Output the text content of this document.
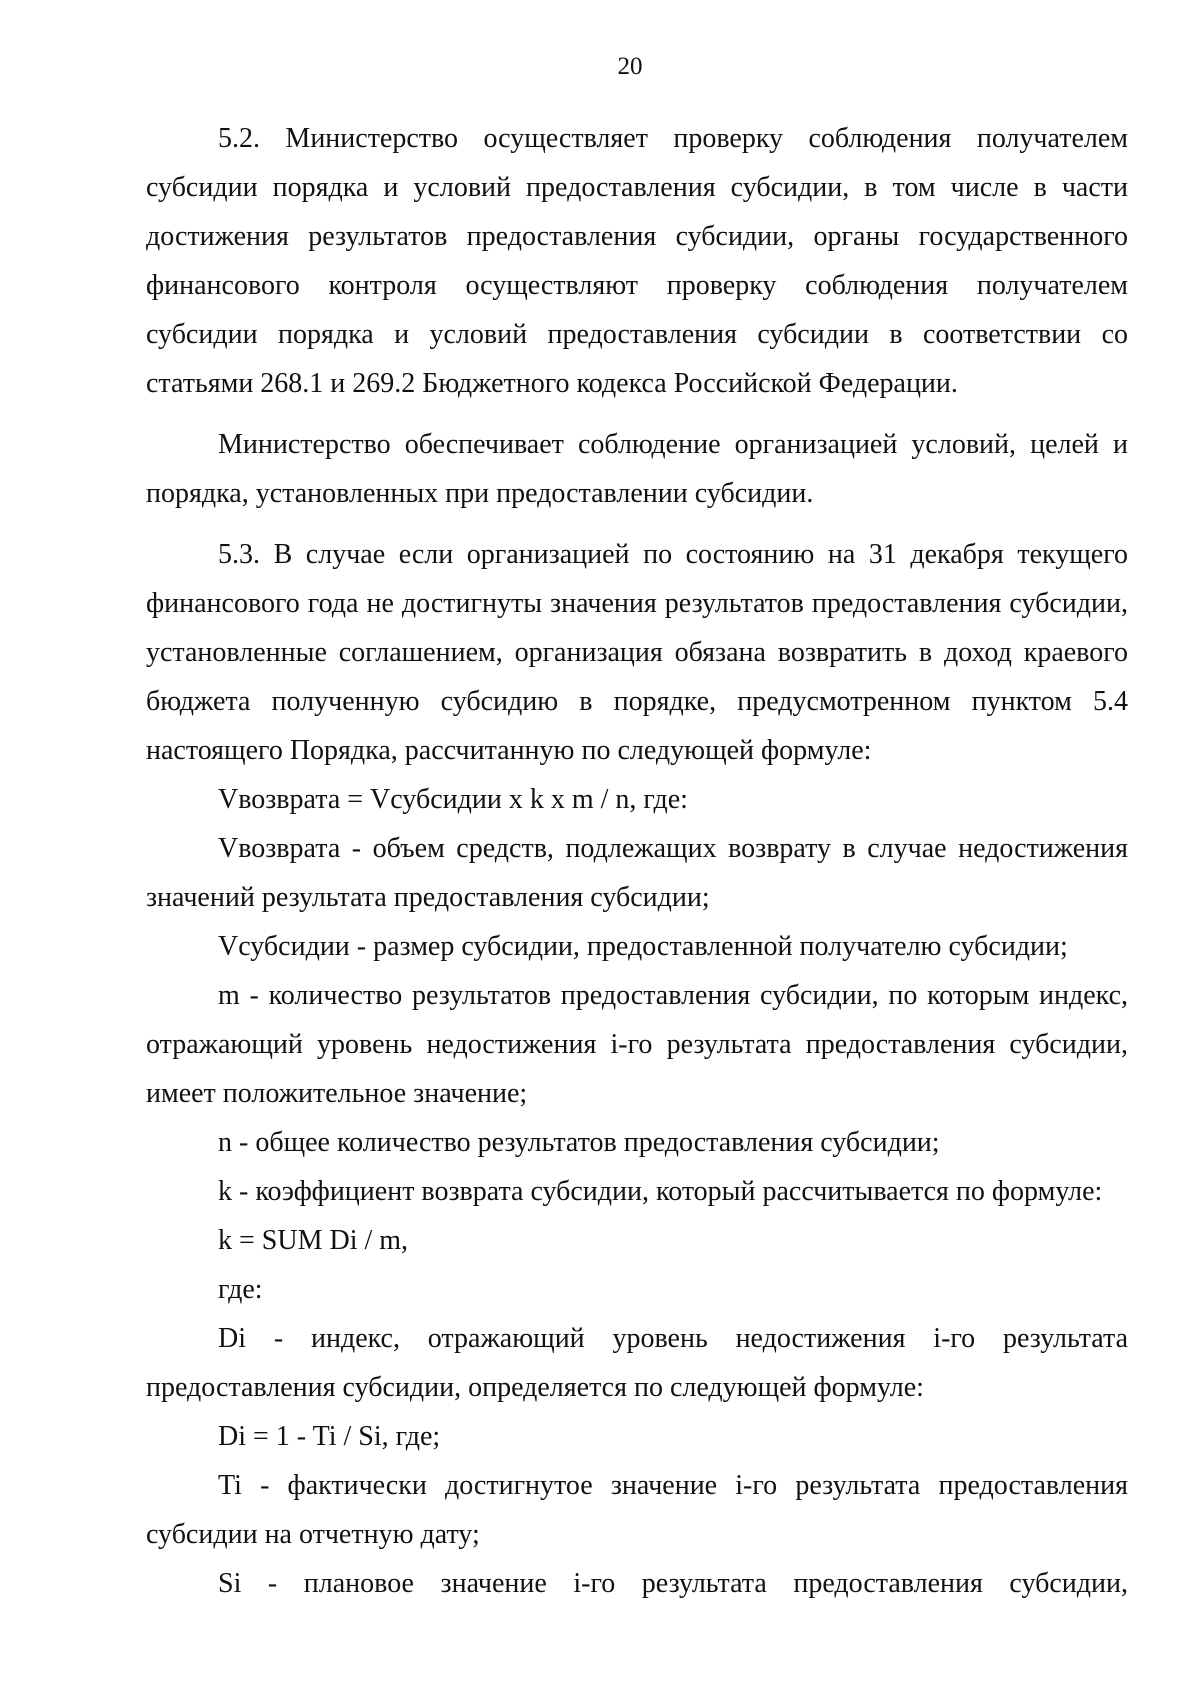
20

5.2. Министерство осуществляет проверку соблюдения получателем субсидии порядка и условий предоставления субсидии, в том числе в части достижения результатов предоставления субсидии, органы государственного финансового контроля осуществляют проверку соблюдения получателем субсидии порядка и условий предоставления субсидии в соответствии со статьями 268.1 и 269.2 Бюджетного кодекса Российской Федерации.

Министерство обеспечивает соблюдение организацией условий, целей и порядка, установленных при предоставлении субсидии.

5.3. В случае если организацией по состоянию на 31 декабря текущего финансового года не достигнуты значения результатов предоставления субсидии, установленные соглашением, организация обязана возвратить в доход краевого бюджета полученную субсидию в порядке, предусмотренном пунктом 5.4 настоящего Порядка, рассчитанную по следующей формуле:

Vвозврата = Vсубсидии x k x m / n, где:

Vвозврата - объем средств, подлежащих возврату в случае недостижения значений результата предоставления субсидии;

Vсубсидии - размер субсидии, предоставленной получателю субсидии;

m - количество результатов предоставления субсидии, по которым индекс, отражающий уровень недостижения i-го результата предоставления субсидии, имеет положительное значение;

n - общее количество результатов предоставления субсидии;

k - коэффициент возврата субсидии, который рассчитывается по формуле:

k = SUM Di / m,

где:

Di - индекс, отражающий уровень недостижения i-го результата предоставления субсидии, определяется по следующей формуле:

Di = 1 - Ti / Si, где;

Ti - фактически достигнутое значение i-го результата предоставления субсидии на отчетную дату;

Si - плановое значение i-го результата предоставления субсидии,
